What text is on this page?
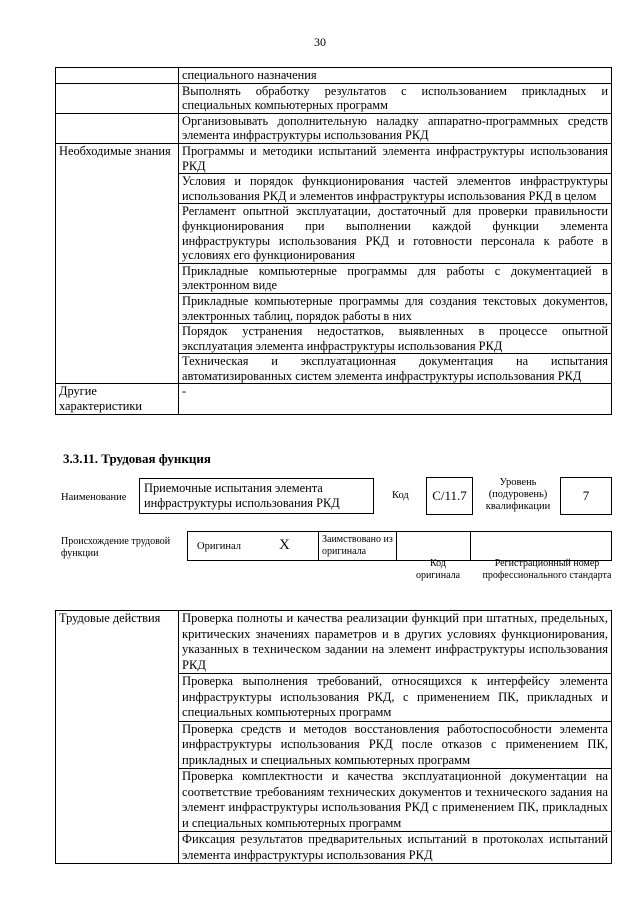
30
	специального назначения
	Выполнять обработку результатов с использованием прикладных и специальных компьютерных программ
	Организовывать дополнительную наладку аппаратно-программных средств элемента инфраструктуры использования РКД
Необходимые знания	Программы и методики испытаний элемента инфраструктуры использования РКД
	Условия и порядок функционирования частей элементов инфраструктуры использования РКД и элементов инфраструктуры использования РКД в целом
	Регламент опытной эксплуатации, достаточный для проверки правильности функционирования при выполнении каждой функции элемента инфраструктуры использования РКД и готовности персонала к работе в условиях его функционирования
	Прикладные компьютерные программы для работы с документацией в электронном виде
	Прикладные компьютерные программы для создания текстовых документов, электронных таблиц, порядок работы в них
	Порядок устранения недостатков, выявленных в процессе опытной эксплуатация элемента инфраструктуры использования РКД
	Техническая и эксплуатационная документация на испытания автоматизированных систем элемента инфраструктуры использования РКД
Другие характеристики	-
3.3.11. Трудовая функция
Наименование
Приемочные испытания элемента инфраструктуры использования РКД
Код	C/11.7
Уровень (подуровень) квалификации
7
Происхождение трудовой функции
Оригинал	X	Заимствовано из оригинала
Код оригинала
Регистрационный номер профессионального стандарта
Трудовые действия	Проверка полноты и качества реализации функций при штатных, предельных, критических значениях параметров и в других условиях функционирования, указанных в техническом задании на элемент инфраструктуры использования РКД
Проверка выполнения требований, относящихся к интерфейсу элемента инфраструктуры использования РКД, с применением ПК, прикладных и специальных компьютерных программ
Проверка средств и методов восстановления работоспособности элемента инфраструктуры использования РКД после отказов с применением ПК, прикладных и специальных компьютерных программ
Проверка комплектности и качества эксплуатационной документации на соответствие требованиям технических документов и технического задания на элемент инфраструктуры использования РКД с применением ПК, прикладных и специальных компьютерных программ
Фиксация результатов предварительных испытаний в протоколах испытаний элемента инфраструктуры использования РКД
